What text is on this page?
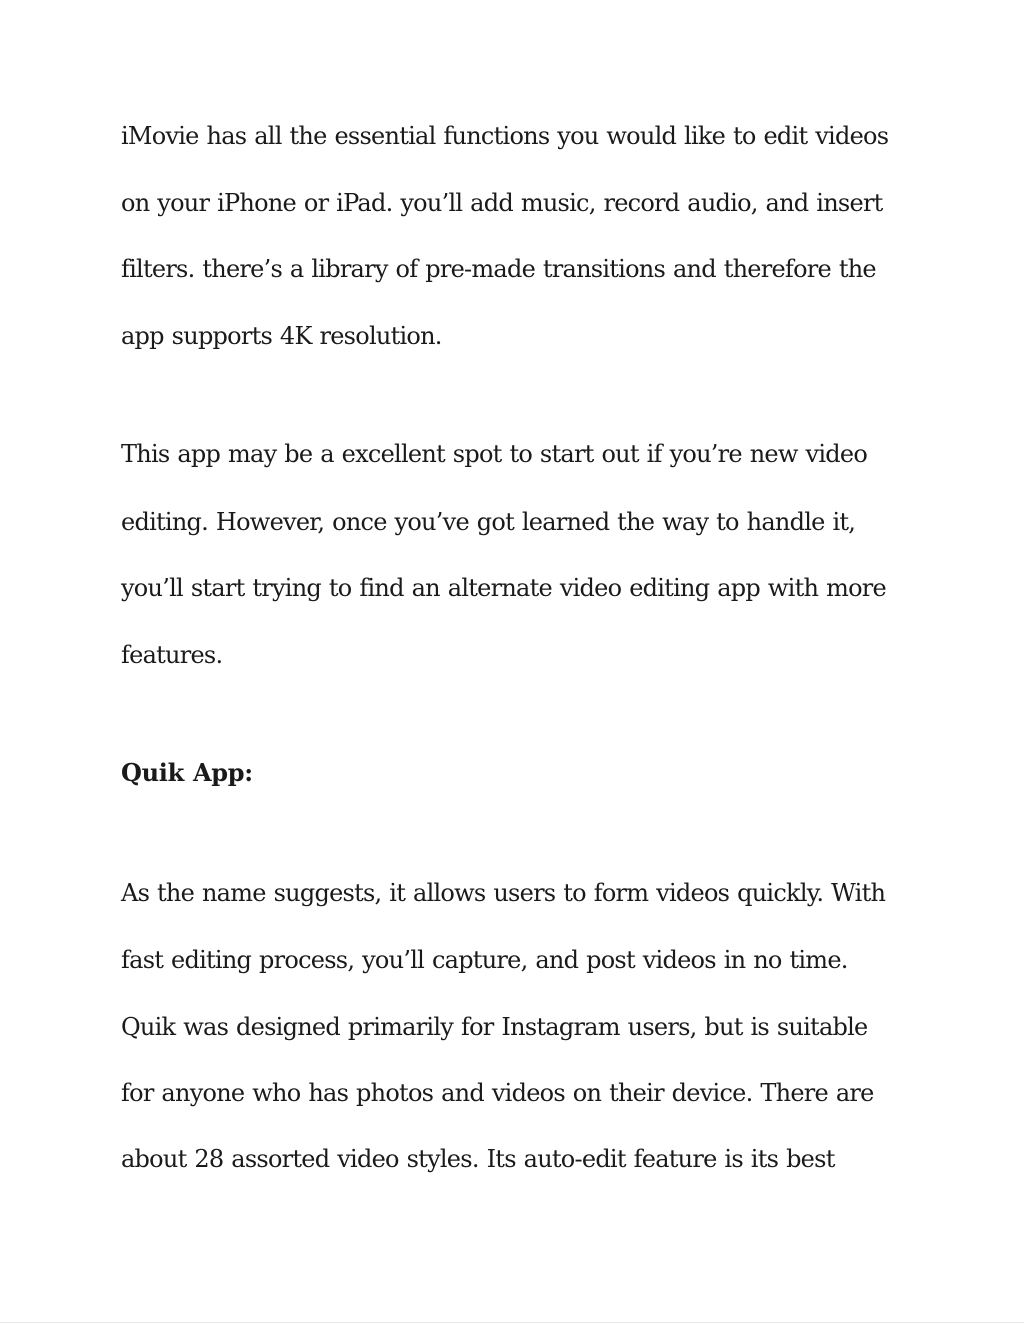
iMovie has all the essential functions you would like to edit videos
on your iPhone or iPad. you’ll add music, record audio, and insert
filters. there’s a library of pre-made transitions and therefore the
app supports 4K resolution.
This app may be a excellent spot to start out if you’re new video
editing. However, once you’ve got learned the way to handle it,
you’ll start trying to find an alternate video editing app with more
features.
Quik App:
As the name suggests, it allows users to form videos quickly. With
fast editing process, you’ll capture, and post videos in no time.
Quik was designed primarily for Instagram users, but is suitable
for anyone who has photos and videos on their device. There are
about 28 assorted video styles. Its auto-edit feature is its best
